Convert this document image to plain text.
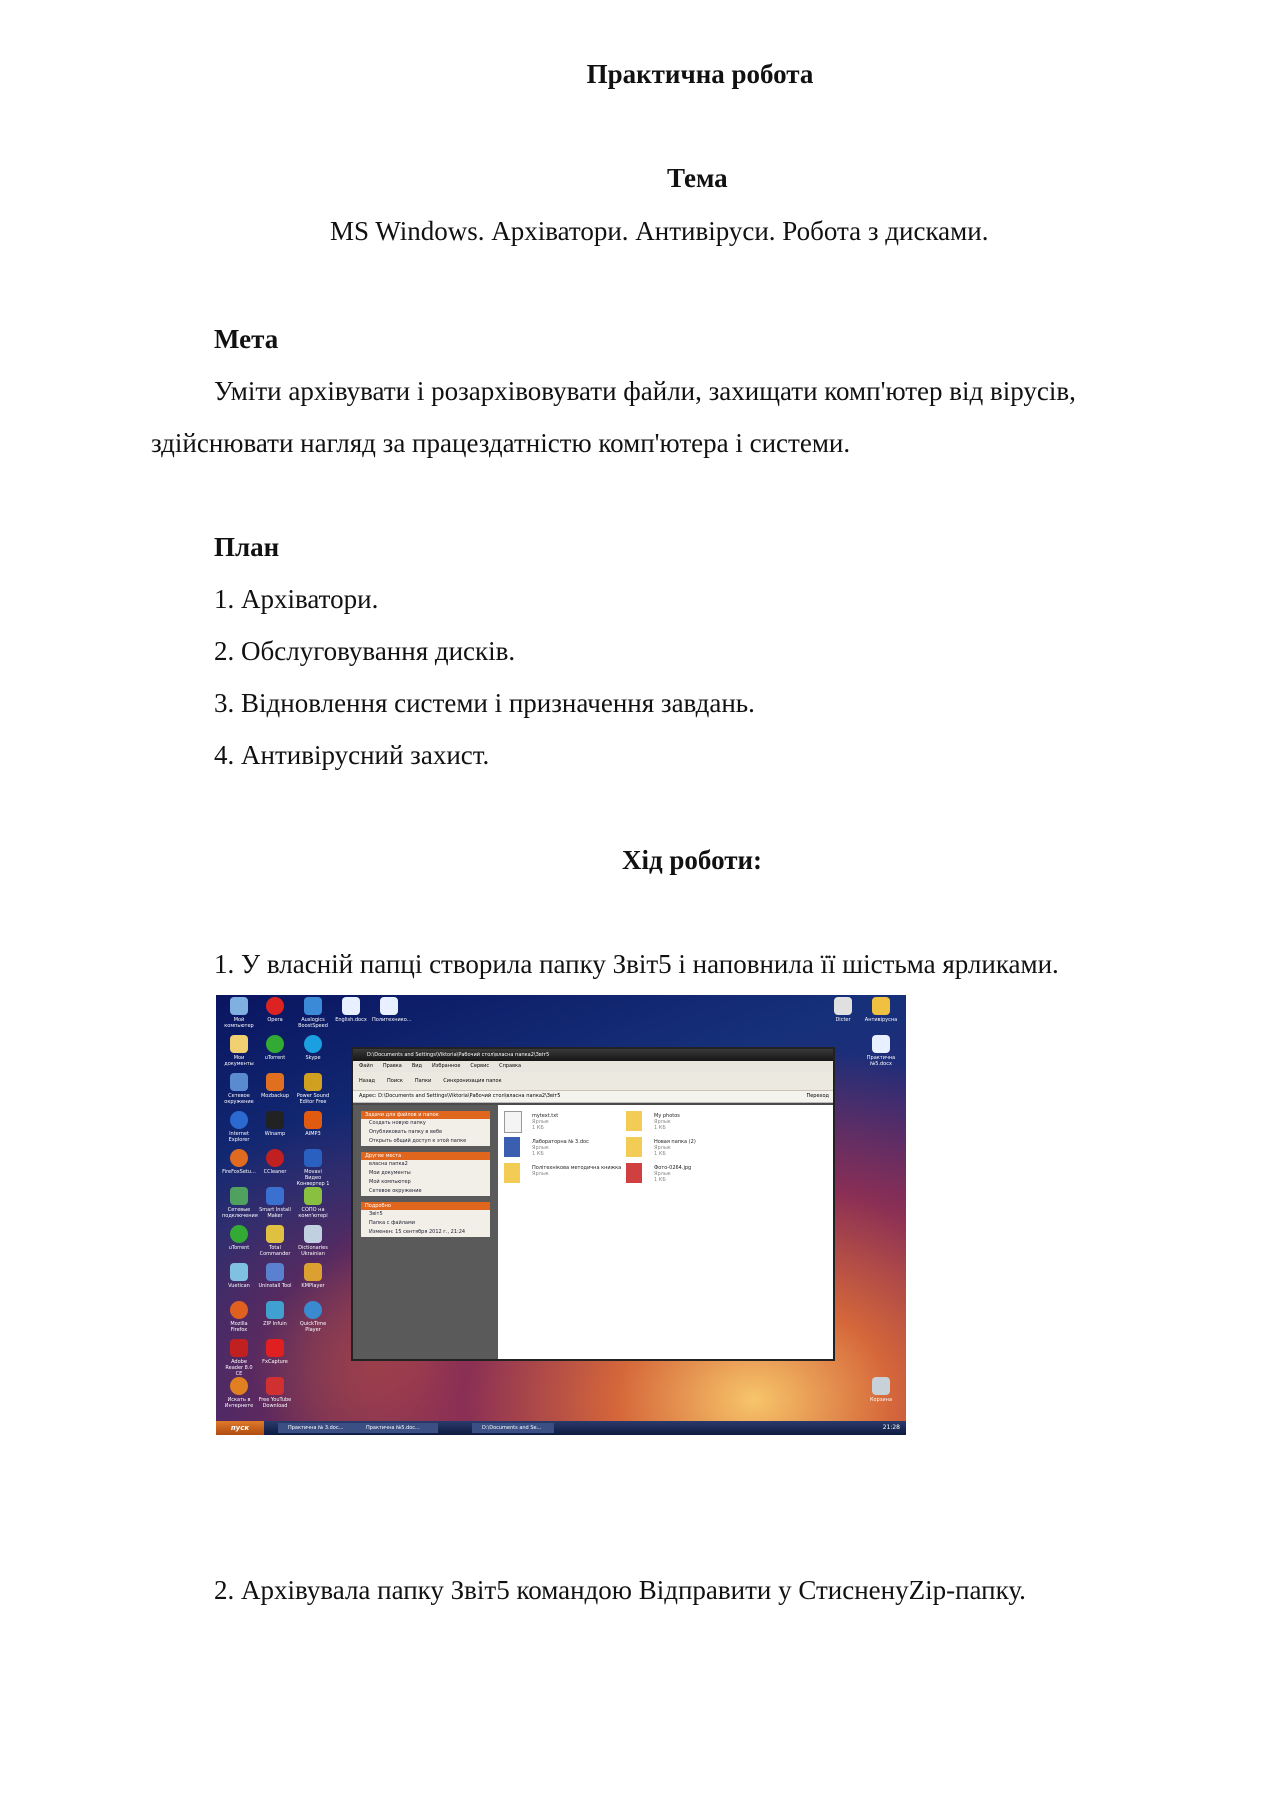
Практична робота
Тема
MS Windows. Архіватори. Антивіруси. Робота з дисками.
Мета
Уміти архівувати і розархівовувати файли, захищати комп'ютер від вірусів,
здійснювати нагляд за працездатністю комп'ютера і системи.
План
1. Архіватори.
2. Обслуговування дисків.
3. Відновлення системи і призначення завдань.
4. Антивірусний захист.
Хід роботи:
1. У власній папці створила папку Звіт5 і наповнила її шістьма ярликами.
Мой компьютер
Opera	Auslogics BoostSpeed
English.docx Политехнико...
Мои документы
uTorrent	Skype
Сетевое окружение
Mozbackup	Power Sound Editor Free
Internet Explorer
Winamp	AIMP3
FireFoxSetu...	CCleaner	Movavi Видео Конвертер 1
Сетевые подключения
Smart Install Maker
СОПО на комп'ютері
uTorrent	Total Commander
Dictionaries Ukrainian
Vuetican	Uninstall Tool	KMPlayer
Mozilla Firefox
ZIP Infuin	QuickTime Player
Adobe Reader 8.0 CE
FxCapture
Искать в Интернете
Free YouTube Download
Dicter	Антивірусна
Практична №5.docx
Корзина
D:\Documents and Settings\Viktoria\Рабочий стол\власна папка2\Звіт5
Файл Правка Вид Избранное Сервис Справка
Назад Поиск Папки Синхронизация папок
Адрес: D:\Documents and Settings\Viktoria\Рабочий стол\власна папка2\Звіт5	Переход
Задачи для файлов и папок
Создать новую папку
Опубликовать папку в вебе
Открыть общий доступ к этой папке
Другие места
власна папка2
Мои документы
Мой компьютер
Сетевое окружение
Подробно
Звіт5
Папка с файлами
Изменен: 15 сентября 2012 г., 21:24
mytext.txt
Ярлык
1 КБ
My photos
Ярлык
1 КБ
Лабораторна № 3.doc
Ярлык
1 КБ
Новая папка (2)
Ярлык
1 КБ
Політехнікова методична книжка
Ярлык
Фото-0264.jpg
Ярлык
1 КБ
пуск	Практична № 3.doc...	Практична №5.doc...	D:\Documents and Se...	21:28
2. Архівувала папку Звіт5 командою Відправити у СтисненуZip-папку.
